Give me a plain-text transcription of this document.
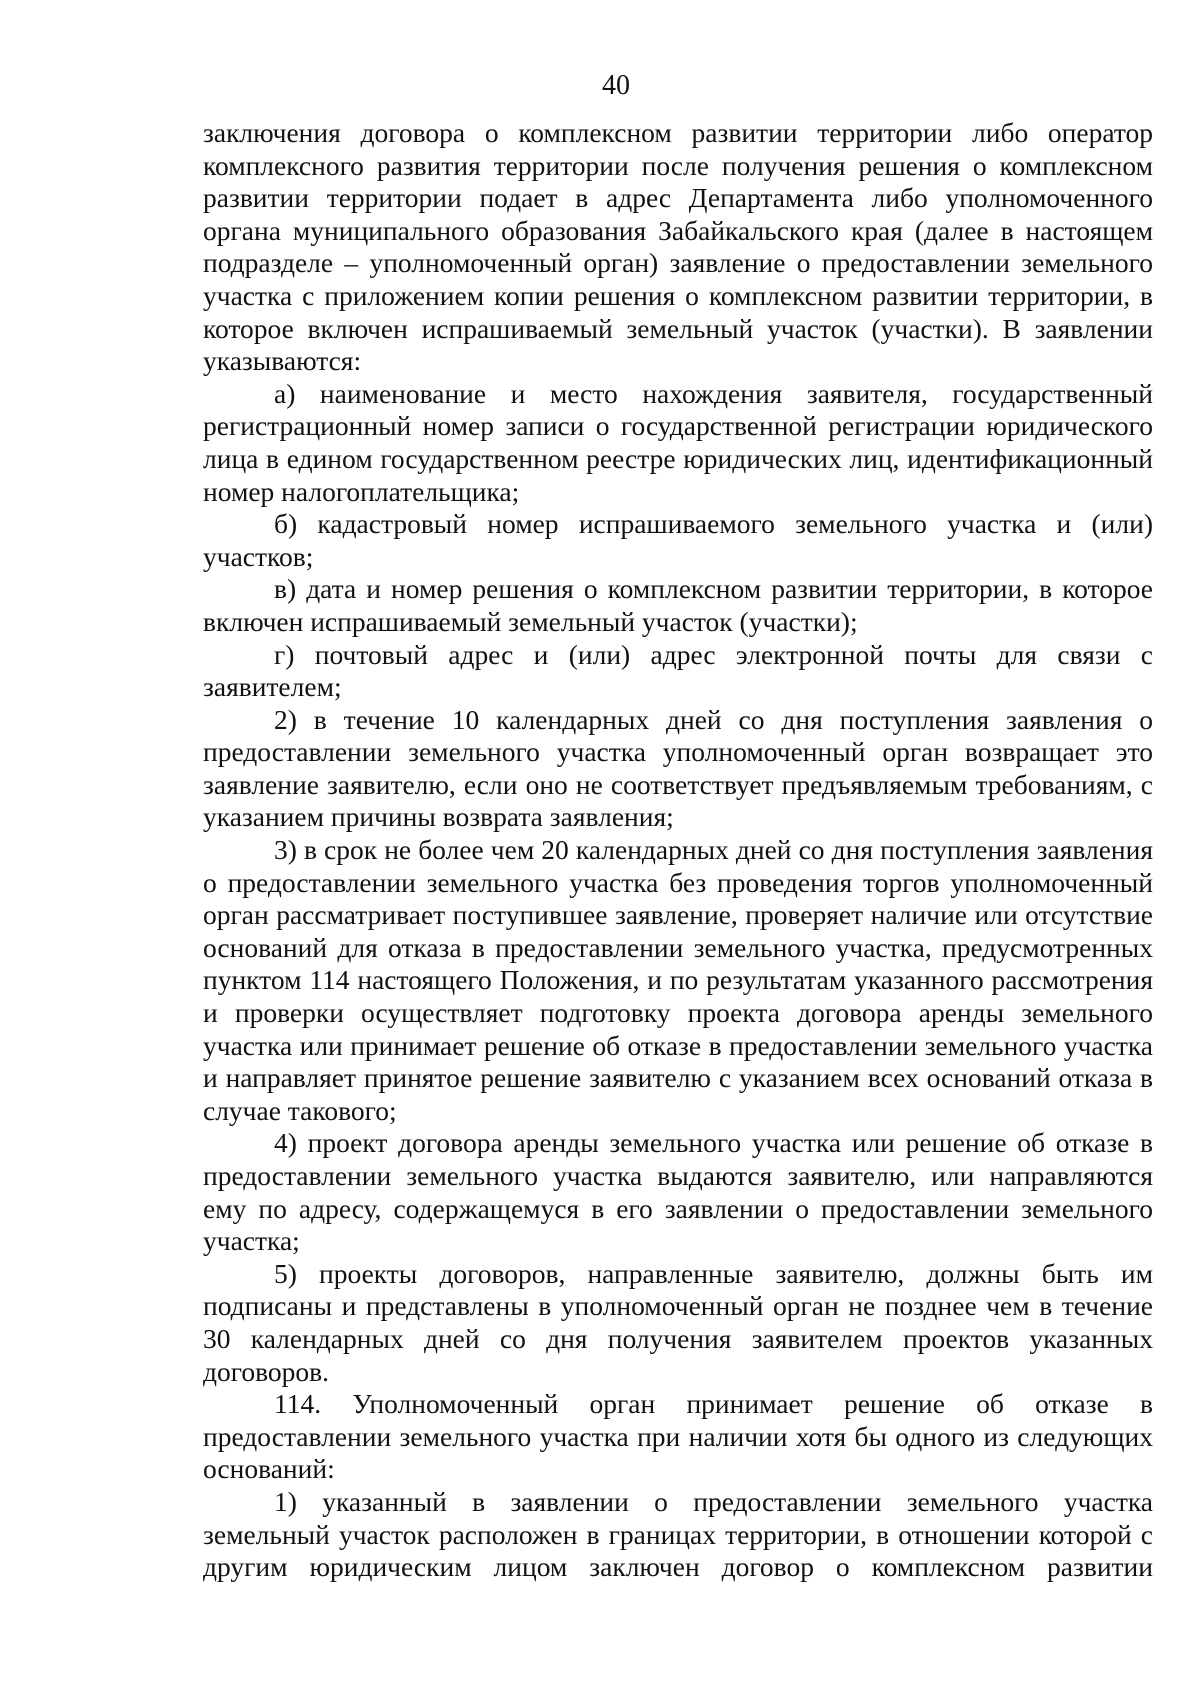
40

заключения договора о комплексном развитии территории либо оператор комплексного развития территории после получения решения о комплексном развитии территории подает в адрес Департамента либо уполномоченного органа муниципального образования Забайкальского края (далее в настоящем подразделе – уполномоченный орган) заявление о предоставлении земельного участка с приложением копии решения о комплексном развитии территории, в которое включен испрашиваемый земельный участок (участки). В заявлении указываются:

а) наименование и место нахождения заявителя, государственный регистрационный номер записи о государственной регистрации юридического лица в едином государственном реестре юридических лиц, идентификационный номер налогоплательщика;

б) кадастровый номер испрашиваемого земельного участка и (или) участков;

в) дата и номер решения о комплексном развитии территории, в которое включен испрашиваемый земельный участок (участки);

г) почтовый адрес и (или) адрес электронной почты для связи с заявителем;

2) в течение 10 календарных дней со дня поступления заявления о предоставлении земельного участка уполномоченный орган возвращает это заявление заявителю, если оно не соответствует предъявляемым требованиям, с указанием причины возврата заявления;

3) в срок не более чем 20 календарных дней со дня поступления заявления о предоставлении земельного участка без проведения торгов уполномоченный орган рассматривает поступившее заявление, проверяет наличие или отсутствие оснований для отказа в предоставлении земельного участка, предусмотренных пунктом 114 настоящего Положения, и по результатам указанного рассмотрения и проверки осуществляет подготовку проекта договора аренды земельного участка или принимает решение об отказе в предоставлении земельного участка и направляет принятое решение заявителю с указанием всех оснований отказа в случае такового;

4) проект договора аренды земельного участка или решение об отказе в предоставлении земельного участка выдаются заявителю, или направляются ему по адресу, содержащемуся в его заявлении о предоставлении земельного участка;

5) проекты договоров, направленные заявителю, должны быть им подписаны и представлены в уполномоченный орган не позднее чем в течение 30 календарных дней со дня получения заявителем проектов указанных договоров.

114. Уполномоченный орган принимает решение об отказе в предоставлении земельного участка при наличии хотя бы одного из следующих оснований:

1) указанный в заявлении о предоставлении земельного участка земельный участок расположен в границах территории, в отношении которой с другим юридическим лицом заключен договор о комплексном развитии
